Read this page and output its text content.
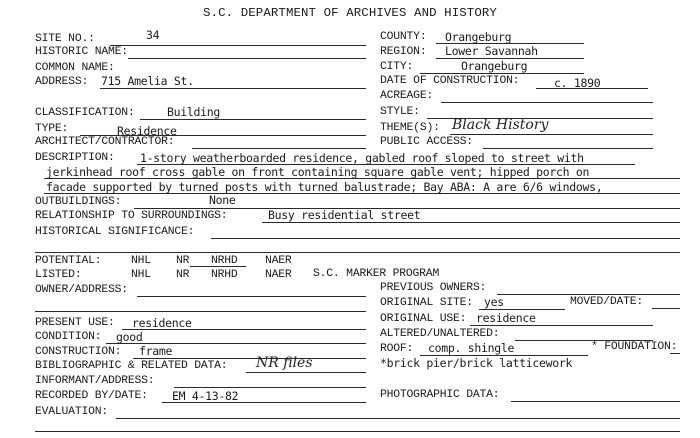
S.C. DEPARTMENT OF ARCHIVES AND HISTORY
SITE NO.:	34
HISTORIC NAME:
COMMON NAME:
ADDRESS: 715 Amelia St.
CLASSIFICATION:	Building
TYPE:	Residence
ARCHITECT/CONTRACTOR:
COUNTY: Orangeburg
REGION: Lower Savannah
CITY:	Orangeburg
DATE OF CONSTRUCTION:	c. 1890
ACREAGE:
STYLE:
THEME(S): Black History
PUBLIC ACCESS:
DESCRIPTION: 1-story weatherboarded residence, gabled roof sloped to street with
jerkinhead roof cross gable on front containing square gable vent; hipped porch on
facade supported by turned posts with turned balustrade; Bay ABA: A are 6/6 windows,
OUTBUILDINGS:	None
RELATIONSHIP TO SURROUNDINGS:	Busy residential street
HISTORICAL SIGNIFICANCE:
POTENTIAL:	NHL NR NRHD NAER
LISTED:	NHL NR NRHD NAER S.C. MARKER PROGRAM
OWNER/ADDRESS:	PREVIOUS OWNERS:
ORIGINAL SITE: yes	MOVED/DATE:
PRESENT USE: residence	ORIGINAL USE: residence
CONDITION: good	ALTERED/UNALTERED:
CONSTRUCTION: frame	ROOF: comp. shingle	* FOUNDATION:
BIBLIOGRAPHIC & RELATED DATA: NR files	*brick pier/brick latticework
INFORMANT/ADDRESS:
RECORDED BY/DATE: EM 4-13-82	PHOTOGRAPHIC DATA:
EVALUATION:
